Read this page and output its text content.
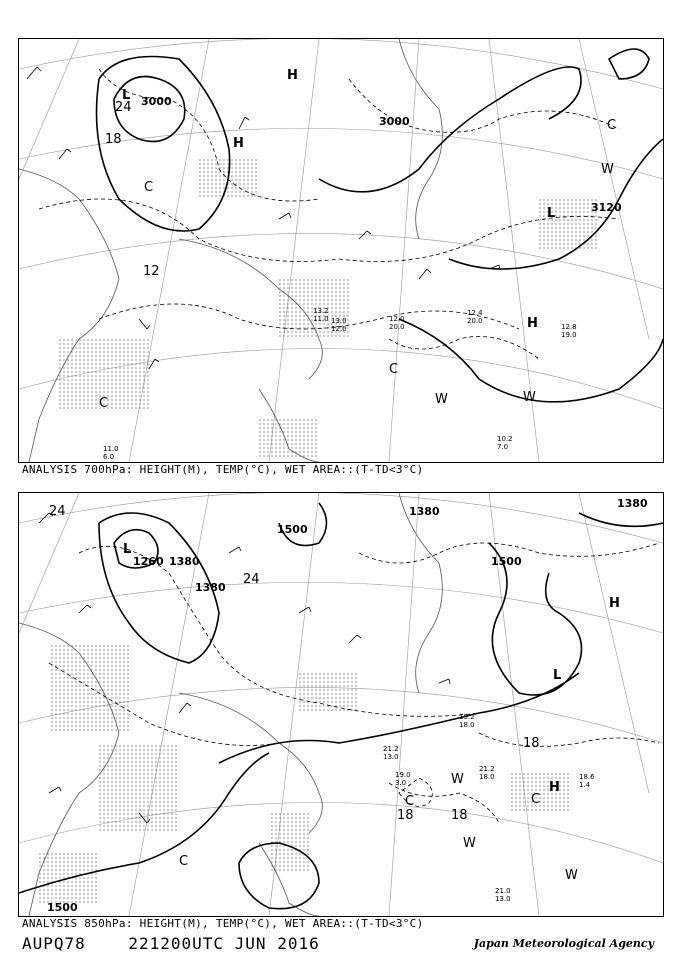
3000
3000
3120
12
18
24
H
H
H
L
L
C
C
C
C
W	W
W
12.4
20.0
12.0
20.0	12.8
19.0
10.2
7.0
11.0
6.0
13.2
11.0 13.0
12.0
ANALYSIS 700hPa: HEIGHT(M), TEMP(°C), WET AREA::(T-TD<3°C)
1380
1380
1500
1500
1500
1260 1380
1380
24
24
18
18	18
L
L
H
H
C
C	C
W
W
W
21.2
18.0	18.6
1.4
19.0
3.0
21.0
13.0
21.2
13.0
19.2
18.0
ANALYSIS 850hPa: HEIGHT(M), TEMP(°C), WET AREA::(T-TD<3°C)
AUPQ78	221200UTC JUN 2016	Japan Meteorological Agency
